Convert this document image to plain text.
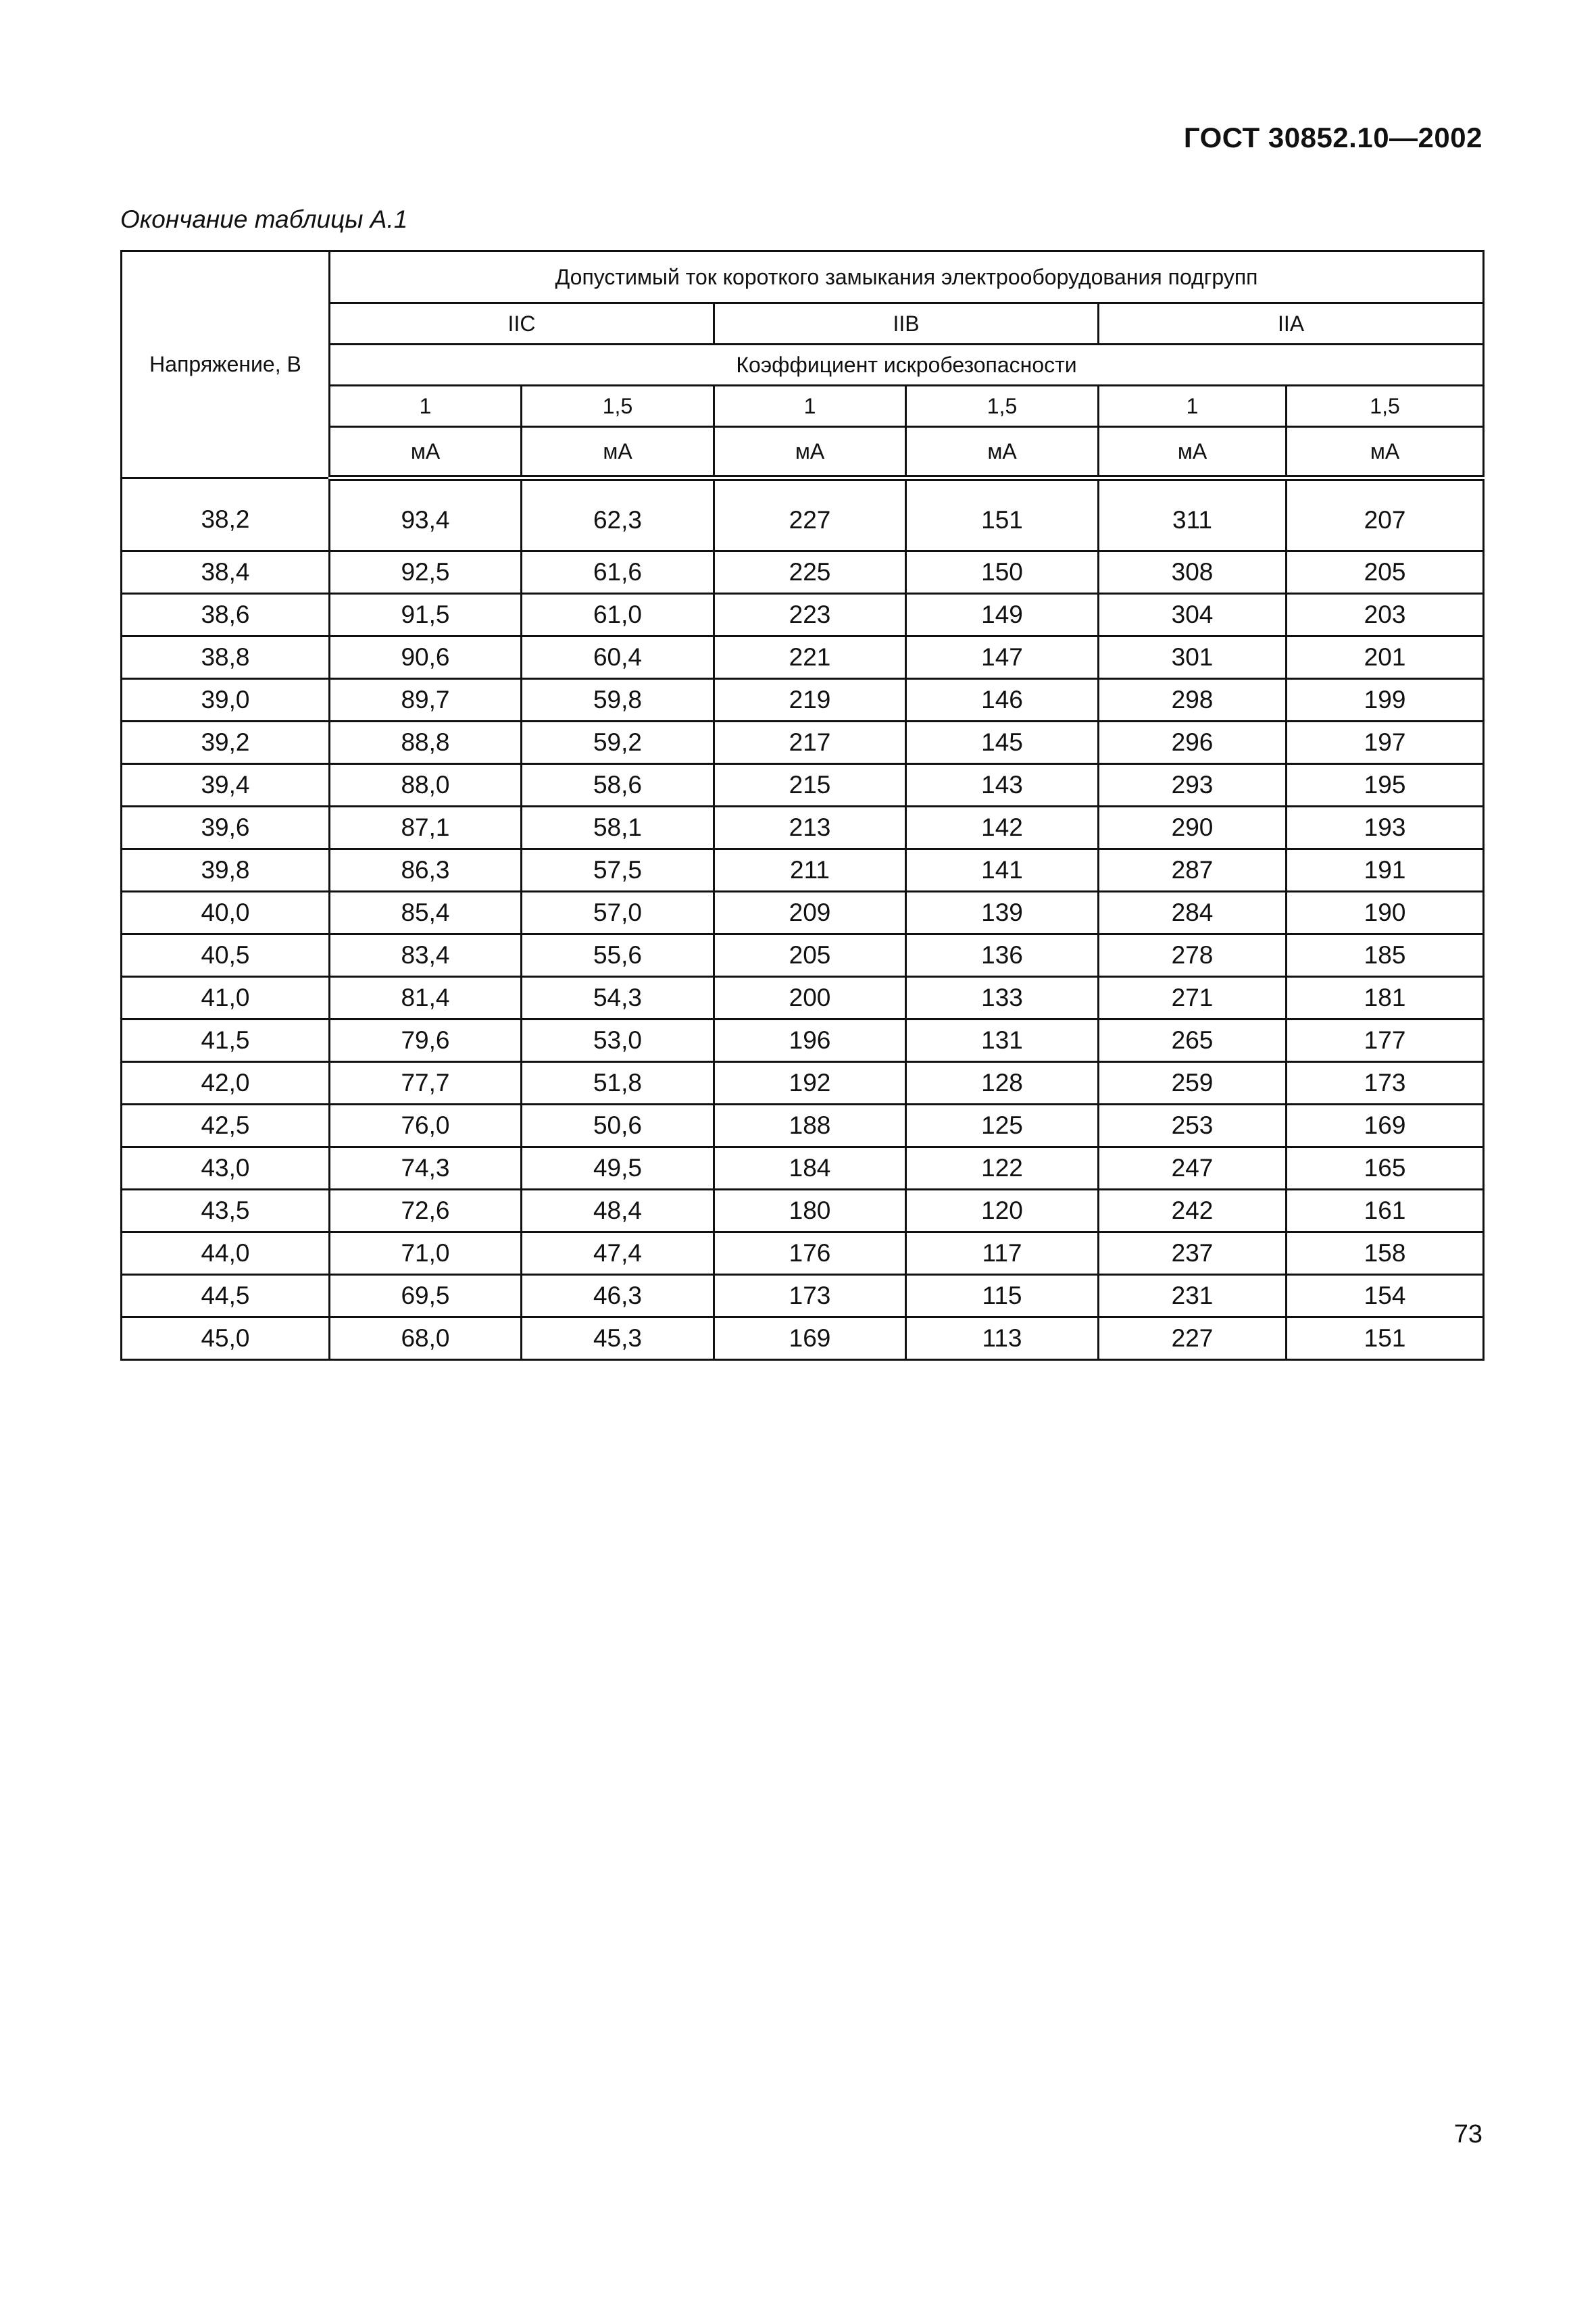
ГОСТ 30852.10—2002
Окончание таблицы А.1
Напряжение, В	Допустимый ток короткого замыкания электрооборудования подгрупп					
	IIC		IIB		IIA	
	Коэффициент искробезопасности					
	1	1,5	1	1,5	1	1,5
	мА	мА	мА	мА	мА	мА
38,2	93,4	62,3	227	151	311	207
38,4	92,5	61,6	225	150	308	205
38,6	91,5	61,0	223	149	304	203
38,8	90,6	60,4	221	147	301	201
39,0	89,7	59,8	219	146	298	199
39,2	88,8	59,2	217	145	296	197
39,4	88,0	58,6	215	143	293	195
39,6	87,1	58,1	213	142	290	193
39,8	86,3	57,5	211	141	287	191
40,0	85,4	57,0	209	139	284	190
40,5	83,4	55,6	205	136	278	185
41,0	81,4	54,3	200	133	271	181
41,5	79,6	53,0	196	131	265	177
42,0	77,7	51,8	192	128	259	173
42,5	76,0	50,6	188	125	253	169
43,0	74,3	49,5	184	122	247	165
43,5	72,6	48,4	180	120	242	161
44,0	71,0	47,4	176	117	237	158
44,5	69,5	46,3	173	115	231	154
45,0	68,0	45,3	169	113	227	151
73
